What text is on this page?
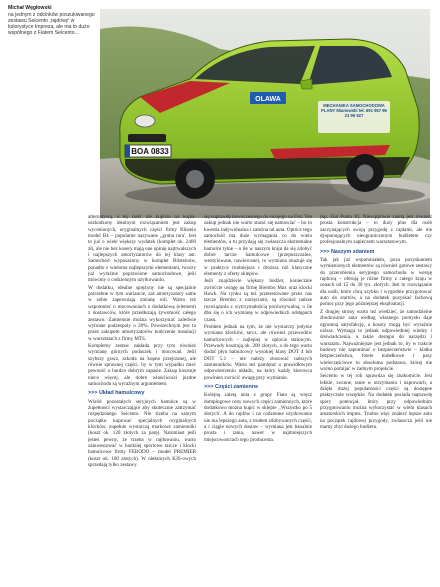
Michał Węgłowski
na jednym z odcinków poszukiwanego zestawu Seicento ,rajdowy' w kolorystyce Impreza, ale ma to dużo wspólnego z Fiatem Seicento...
OLAWA
MECHANIKA SAMOCHODOWA PLANY Mianowski tel. 691 957 96 23 96 527
BOA 0833

alternatywą, a tej cieść nie kupicie na kopia-uszkodzony idealnym rozwiązaniem jest zakup wycenionych, oryginalnych części firmy Blistein model B4 – popularne nazywane ,,gruba rura'. Jest to już o wiele większy wydatek (komplet ok. 2400 zł), ale nie bez kosery mają one opinię najtrwalszych i najlepszych amortyzatorów do tej klasy aut. Samochód wyposażony w komplet Bilsteinów, ponadto z wieloma najlepszymi elementami, tworzy już wyraźnie poprawione samochodowe, jeśli mówimy o codziennym użytkowaniu.

W dodatku, idealne sprężyny nie są specjalnie potrzebne w tym wariancie, zaś amortyzatory same w sobie zapewniają zmianę roli. Warto też wspomnieć o mocowaniach z dodatkową (element) z dostawców, które przedłużają żywotność całego zestawu. Zamiennie można wykorzystać zaledwie wybrane podzespoły o 20%. Powszechnym jest tu przez zakupem amortyzatorów kończenie instalacji w warsztatach z firmy MTS.

Kompletny zestaw zakłada przy tym również wymianę górnych poduszek i mocowań. Jeśli szybszy gracz, szkoda na kupno przejrzanej, ale równie sprawnej części, by w tym wypadku mieć pewność o bardzo dobrym zapasie. Zakup kosztuje nieco więcej, ale dobre właściwości jezdne samochodu są wyraźnym argumentem.

>>> Układ hamulcowy

Wśród pozostałych seryjnych hamulce są w zupełności wystarczające aby skutecznie zatrzymać rozpędzonego Seicento. Nie trzeba na samym początku kupować specjalnych oryginalnych klocków, zupełnie wystarczą markowe zamienniki (koszt ok. 120 złotych za parę). Natomiast jeśli jesteś pewny, że trzeba w rajdowaniu, warto zainwestować w bardziej sportowe tarcze i klocki hamulcowe firmy FERODO – model PREMIER (koszt ok. 100 złotych). W niektórych KJS-owych sprzedają tylko zestawy.

się naprawdę nowoczesnego do swojego na Fiat. Ten zakup jednak nie warto starać się namawiać – bo to kwestia indywidualna i zależna od auta. Oprócz tego samochód ma duże wymagania co do wielu elementów, a tu przydają się zwłaszcza ekstremalne hamulce tylne – o ile w naszym kraju da się zdobyć dobre tarcze hamulcowe (przepuszczalne, wentylowane, nawiercane), to wymiana okazuje się w praktyce trudniejsza i droższa niż klasyczne elementy z oferty sklepów.

Jeśli znajdziecie większy budżet, koniecznie zwróćcie uwagę na firmę Brembo Max oraz klocki Hawk. Na rynku są też przetestowane przez nas tarcze Brembo z nacięciami, są również tańsze rozwiązania z wytrzymałością porównywalną, o ile dba się o ich wymianę w odpowiednich odstępach czasu.

Problem jednak na tym, że nie wystarczy jedynie wymiana klocków, tarcz, ale również przewodów hamulcowych – najlepiej w oplocie stalowym. Przewody kosztują ok. 200 złotych, a do tego warto dodać płyn hamulcowy wysokiej klasy DOT 4 lub DOT 5.1 – nie należy stosować tańszych zamienników. Warto też pamiętać o prawidłowym odpowietrzeniu układu, na który każdy kierowca powinien zwrócić uwagę przy wymianie.

>>> Części zamienne

Kolejną zaletą auta z grupy Fiata są wręcz dumpingowe ceny nowych części zamiennych, które dodatkowo można kupić w sklepie ,,Wszystko po 5 złotych'. A do rajdów i na codzienne użytkowanie nie ma lepszego auta, z trudem zdobywanych części, a i ciągle nowych dostaw – wymiana jest banalnie prosta i tania, nawet w najmniejszych miejscowościach tego producenta.

(np. Fiat Punto II). Niewątpliwie zaletą jest również prosta konstrukcja – to duży plus dla osób zaczynających swoją przygodę z rajdami, ale nie dysponujących nieograniczonym budżetem czy profesjonalnym zapleczem warsztatowym.

>>> Naszym zdaniem

Tak jak już wspomniałem, poza pozyskaniem wymienionych elementów są również gotowe zestawy do przerobienia seryjnego samochodu w wersję rajdową – oferują je różne firmy z całego kraju w cenach od 15 do 30 tys. złotych. Jest to rozwiązanie dla osób, które chcą szybko i wygodnie przygotować auto do startów, a na dodatek pozyskać fachową pomoc przy jego późniejszej eksploatacji.

Z drugiej strony warto też wiedzieć, że samodzielne zbudowanie auta według własnego pomysłu daje ogromną satysfakcję, a koszty mogą być wyraźnie niższe. Wymaga to jednak odpowiedniej wiedzy i doświadczenia, a także dostępu do narzędzi i warsztatu. Najważniejsze jest jednak to, by w trakcie budowy nie zapominać o bezpieczeństwie – klatka bezpieczeństwa, fotele kubełkowe i pasy wieloczęściowe to absolutna podstawa, której nie wolno pomijać w żadnym projekcie.

Seicento w tej roli sprawdza się znakomicie. Jest lekkie, zwinne, tanie w utrzymaniu i naprawach, a dzięki dużej popularności części są dostępne praktycznie wszędzie. Na dodatek posiada naprawdę spory potencjał, który przy odpowiednim przygotowaniu można wykorzystać w wielu klasach amatorskich imprez. Trudno więc znaleźć lepsze auto na początek rajdowej przygody, zwłaszcza jeśli nie mamy zbyt dużego budżetu.
